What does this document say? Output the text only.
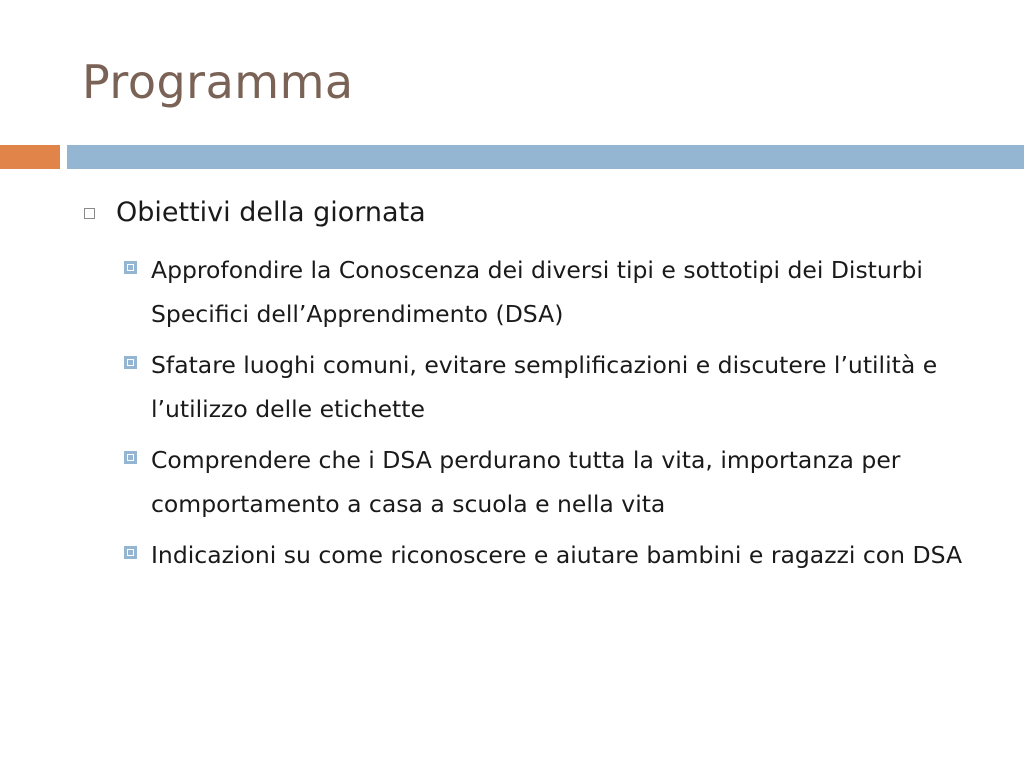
Programma
Obiettivi della giornata
Approfondire la Conoscenza dei diversi tipi e sottotipi dei Disturbi Specifici dell’Apprendimento (DSA)
Sfatare luoghi comuni, evitare semplificazioni e discutere l’utilità e l’utilizzo delle etichette
Comprendere che i DSA perdurano tutta la vita, importanza per comportamento a casa a scuola e nella vita
Indicazioni su come riconoscere e aiutare bambini e ragazzi con DSA
